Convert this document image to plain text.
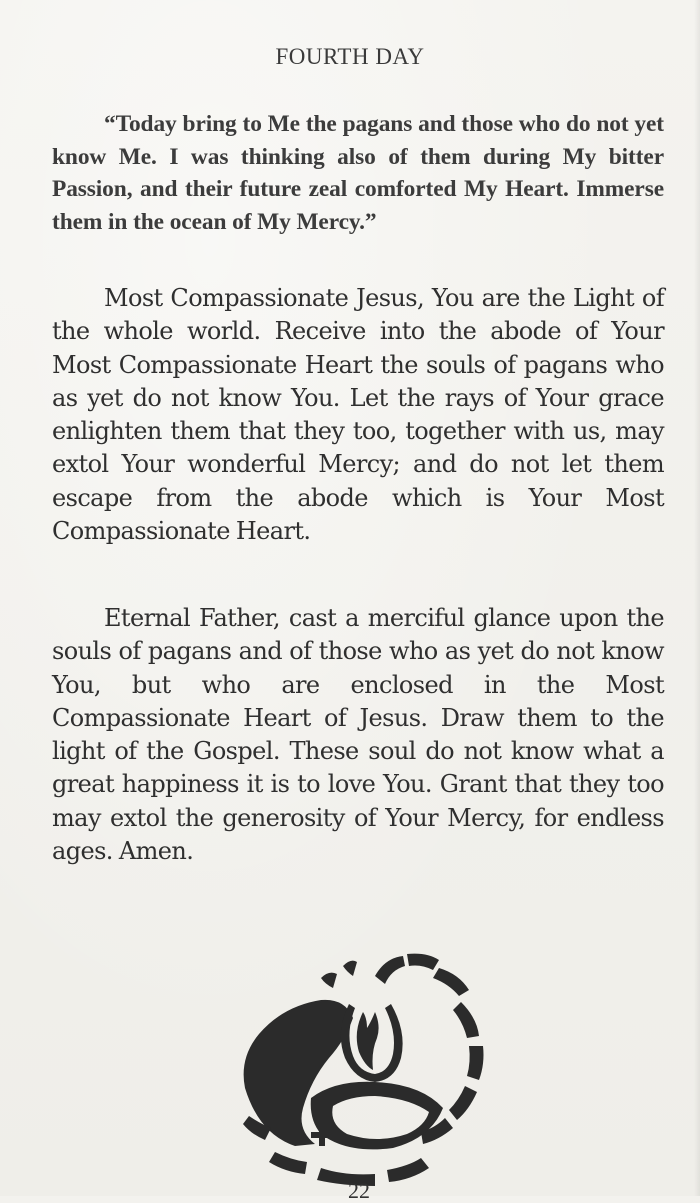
FOURTH DAY

“Today bring to Me the pagans and those who do not yet know Me. I was thinking also of them during My bitter Passion, and their future zeal comforted My Heart. Immerse them in the ocean of My Mercy.”

Most Compassionate Jesus, You are the Light of the whole world. Receive into the abode of Your Most Compassionate Heart the souls of pagans who as yet do not know You. Let the rays of Your grace enlighten them that they too, together with us, may extol Your wonderful Mercy; and do not let them escape from the abode which is Your Most Compassionate Heart.

Eternal Father, cast a merciful glance upon the souls of pagans and of those who as yet do not know You, but who are enclosed in the Most Compassionate Heart of Jesus. Draw them to the light of the Gospel. These soul do not know what a great happiness it is to love You. Grant that they too may extol the generosity of Your Mercy, for endless ages. Amen.

22
